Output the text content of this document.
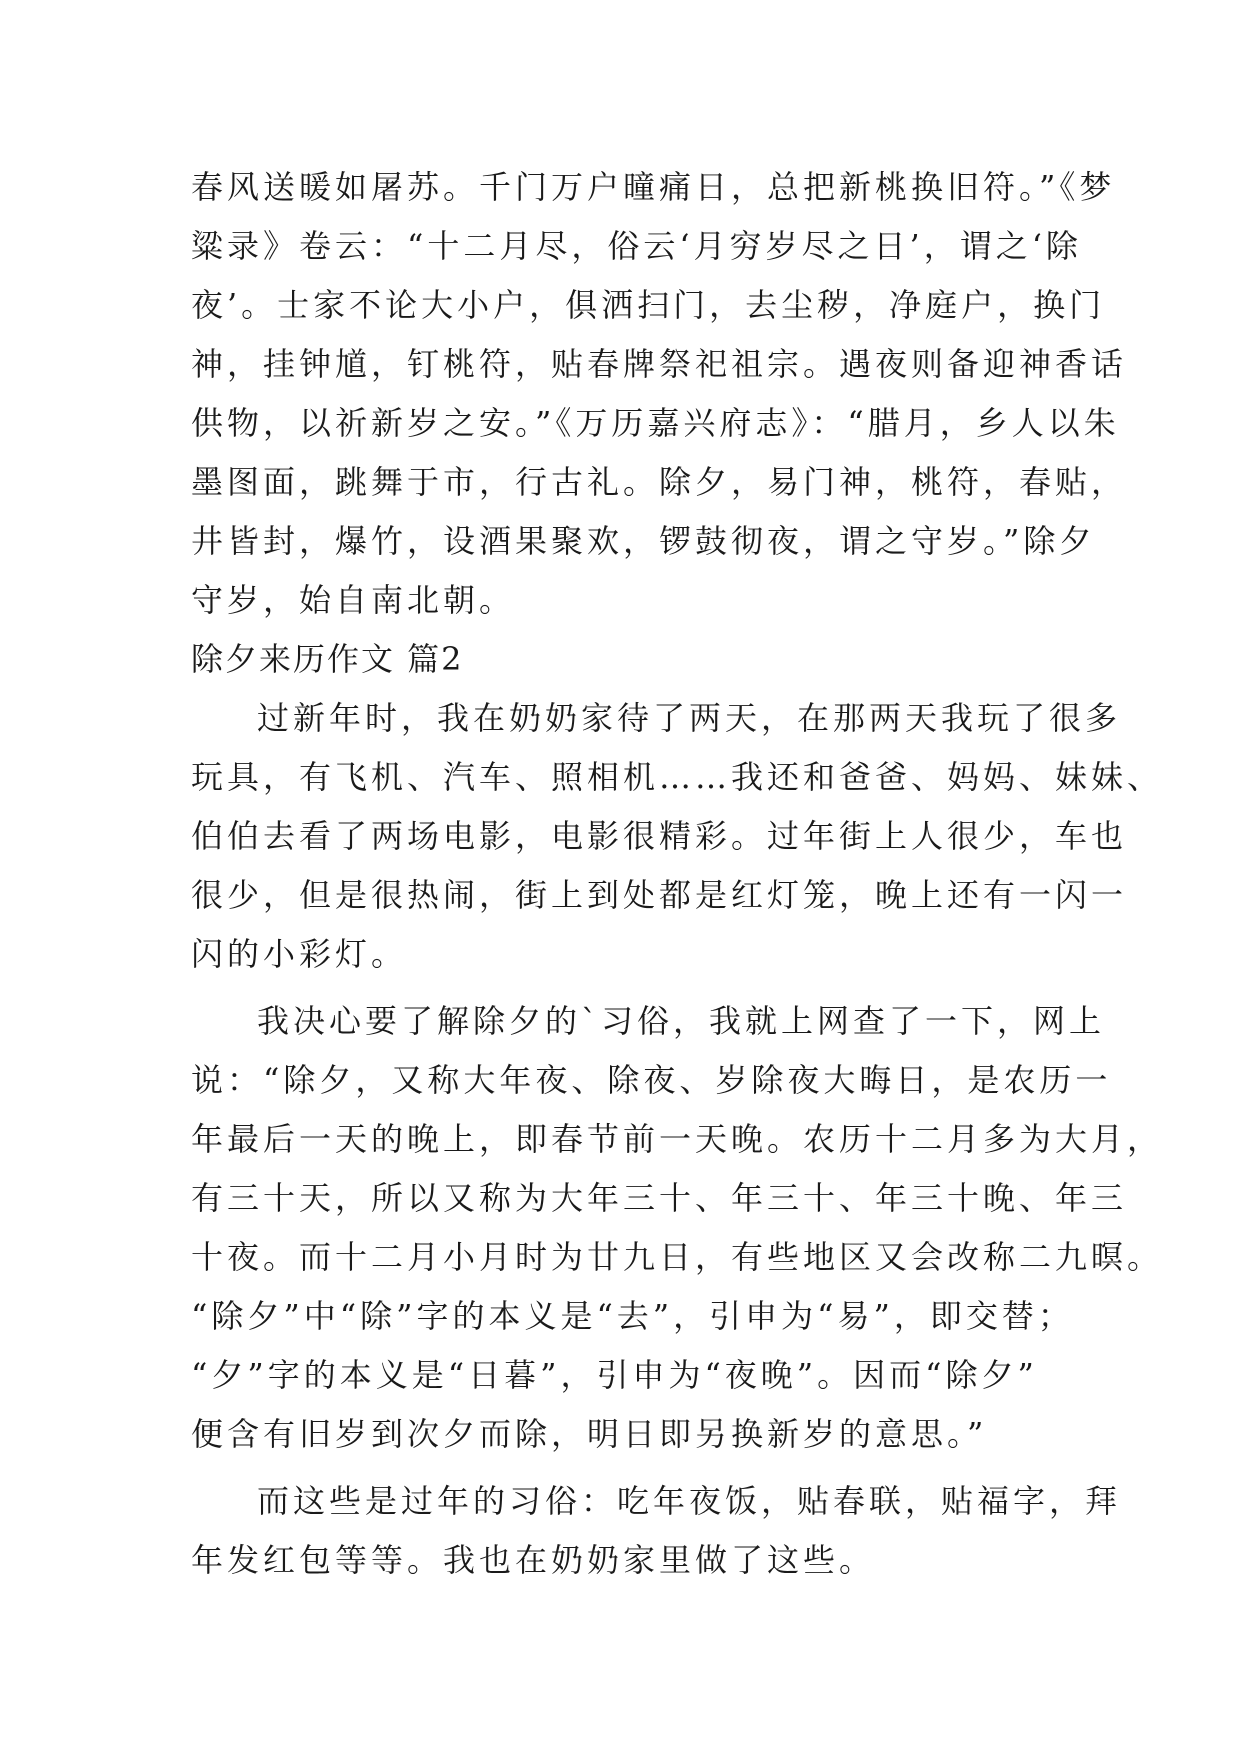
春风送暖如屠苏。千门万户曈痛日，总把新桃换旧符。”《梦
粱录》卷云：“十二月尽，俗云‘月穷岁尽之日’，谓之‘除
夜’。士家不论大小户，俱洒扫门，去尘秽，净庭户，换门
神，挂钟馗，钉桃符，贴春牌祭祀祖宗。遇夜则备迎神香话
供物，以祈新岁之安。”《万历嘉兴府志》：“腊月，乡人以朱
墨图面，跳舞于市，行古礼。除夕，易门神，桃符，春贴，
井皆封，爆竹，设酒果聚欢，锣鼓彻夜，谓之守岁。”除夕
守岁，始自南北朝。
除夕来历作文 篇2
过新年时，我在奶奶家待了两天，在那两天我玩了很多
玩具，有飞机、汽车、照相机……我还和爸爸、妈妈、妹妹、
伯伯去看了两场电影，电影很精彩。过年街上人很少，车也
很少，但是很热闹，街上到处都是红灯笼，晚上还有一闪一
闪的小彩灯。
我决心要了解除夕的`习俗，我就上网查了一下，网上
说：“除夕，又称大年夜、除夜、岁除夜大晦日，是农历一
年最后一天的晚上，即春节前一天晚。农历十二月多为大月，
有三十天，所以又称为大年三十、年三十、年三十晚、年三
十夜。而十二月小月时为廿九日，有些地区又会改称二九暝。
“除夕”中“除”字的本义是“去”，引申为“易”，即交替；
“夕”字的本义是“日暮”，引申为“夜晚”。因而“除夕”
便含有旧岁到次夕而除，明日即另换新岁的意思。”
而这些是过年的习俗：吃年夜饭，贴春联，贴福字，拜
年发红包等等。我也在奶奶家里做了这些。
